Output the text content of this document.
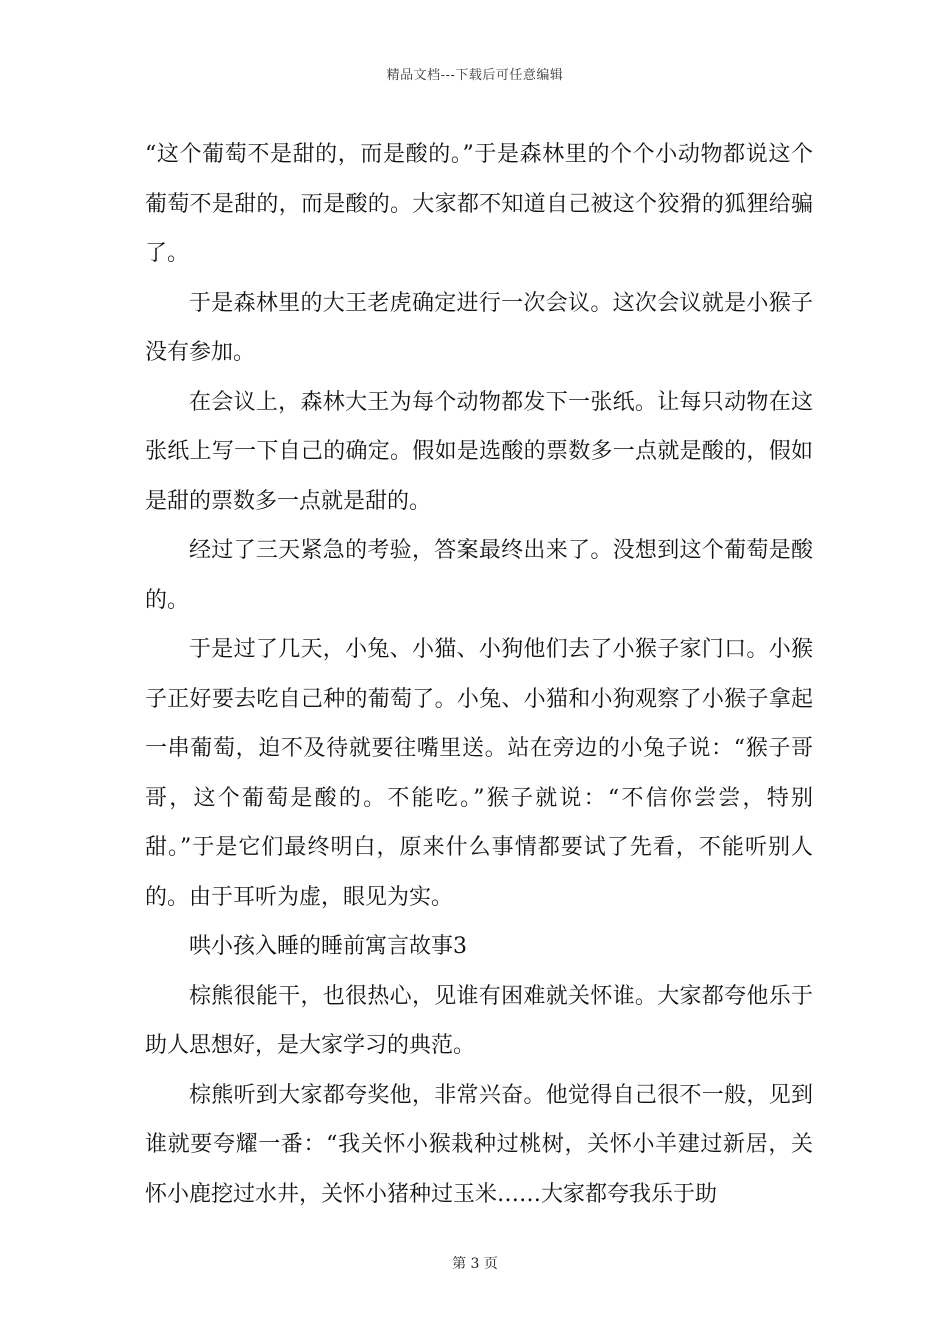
精品文档---下载后可任意编辑

“这个葡萄不是甜的，而是酸的。”于是森林里的个个小动物都说这个葡萄不是甜的，而是酸的。大家都不知道自己被这个狡猾的狐狸给骗了。

于是森林里的大王老虎确定进行一次会议。这次会议就是小猴子没有参加。

在会议上，森林大王为每个动物都发下一张纸。让每只动物在这张纸上写一下自己的确定。假如是选酸的票数多一点就是酸的，假如是甜的票数多一点就是甜的。

经过了三天紧急的考验，答案最终出来了。没想到这个葡萄是酸的。

于是过了几天，小兔、小猫、小狗他们去了小猴子家门口。小猴子正好要去吃自己种的葡萄了。小兔、小猫和小狗观察了小猴子拿起一串葡萄，迫不及待就要往嘴里送。站在旁边的小兔子说：“猴子哥哥，这个葡萄是酸的。不能吃。”猴子就说：“不信你尝尝，特别甜。”于是它们最终明白，原来什么事情都要试了先看，不能听别人的。由于耳听为虚，眼见为实。

哄小孩入睡的睡前寓言故事3

棕熊很能干，也很热心，见谁有困难就关怀谁。大家都夸他乐于助人思想好，是大家学习的典范。

棕熊听到大家都夸奖他，非常兴奋。他觉得自己很不一般，见到谁就要夸耀一番：“我关怀小猴栽种过桃树，关怀小羊建过新居，关怀小鹿挖过水井，关怀小猪种过玉米……大家都夸我乐于助

第 3 页
